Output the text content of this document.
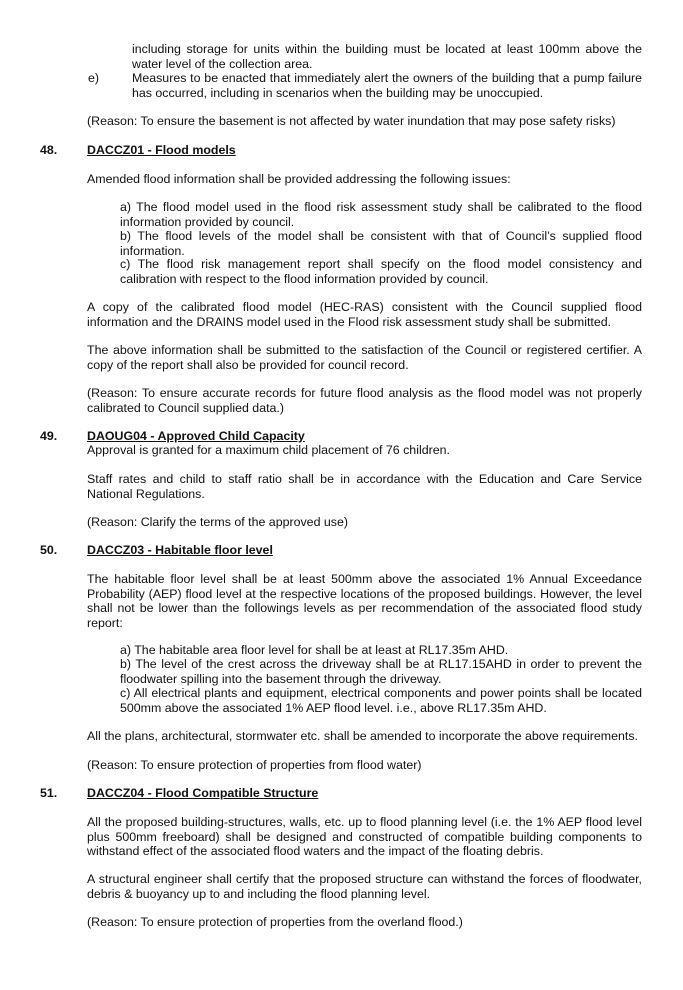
including storage for units within the building must be located at least 100mm above the water level of the collection area.

e)	Measures to be enacted that immediately alert the owners of the building that a pump failure has occurred, including in scenarios when the building may be unoccupied.

(Reason: To ensure the basement is not affected by water inundation that may pose safety risks)

48. DACCZ01 - Flood models

Amended flood information shall be provided addressing the following issues:

a) The flood model used in the flood risk assessment study shall be calibrated to the flood information provided by council.

b) The flood levels of the model shall be consistent with that of Council’s supplied flood information.

c) The flood risk management report shall specify on the flood model consistency and calibration with respect to the flood information provided by council.

A copy of the calibrated flood model (HEC-RAS) consistent with the Council supplied flood information and the DRAINS model used in the Flood risk assessment study shall be submitted.

The above information shall be submitted to the satisfaction of the Council or registered certifier. A copy of the report shall also be provided for council record.

(Reason: To ensure accurate records for future flood analysis as the flood model was not properly calibrated to Council supplied data.)

49. DAOUG04 - Approved Child Capacity

Approval is granted for a maximum child placement of 76 children.

Staff rates and child to staff ratio shall be in accordance with the Education and Care Service National Regulations.

(Reason: Clarify the terms of the approved use)

50. DACCZ03 - Habitable floor level

The habitable floor level shall be at least 500mm above the associated 1% Annual Exceedance Probability (AEP) flood level at the respective locations of the proposed buildings. However, the level shall not be lower than the followings levels as per recommendation of the associated flood study report:

a) The habitable area floor level for shall be at least at RL17.35m AHD.

b) The level of the crest across the driveway shall be at RL17.15AHD in order to prevent the floodwater spilling into the basement through the driveway.

c) All electrical plants and equipment, electrical components and power points shall be located 500mm above the associated 1% AEP flood level. i.e., above RL17.35m AHD.

All the plans, architectural, stormwater etc. shall be amended to incorporate the above requirements.

(Reason: To ensure protection of properties from flood water)

51. DACCZ04 - Flood Compatible Structure

All the proposed building-structures, walls, etc. up to flood planning level (i.e. the 1% AEP flood level plus 500mm freeboard) shall be designed and constructed of compatible building components to withstand effect of the associated flood waters and the impact of the floating debris.

A structural engineer shall certify that the proposed structure can withstand the forces of floodwater, debris & buoyancy up to and including the flood planning level.

(Reason: To ensure protection of properties from the overland flood.)
